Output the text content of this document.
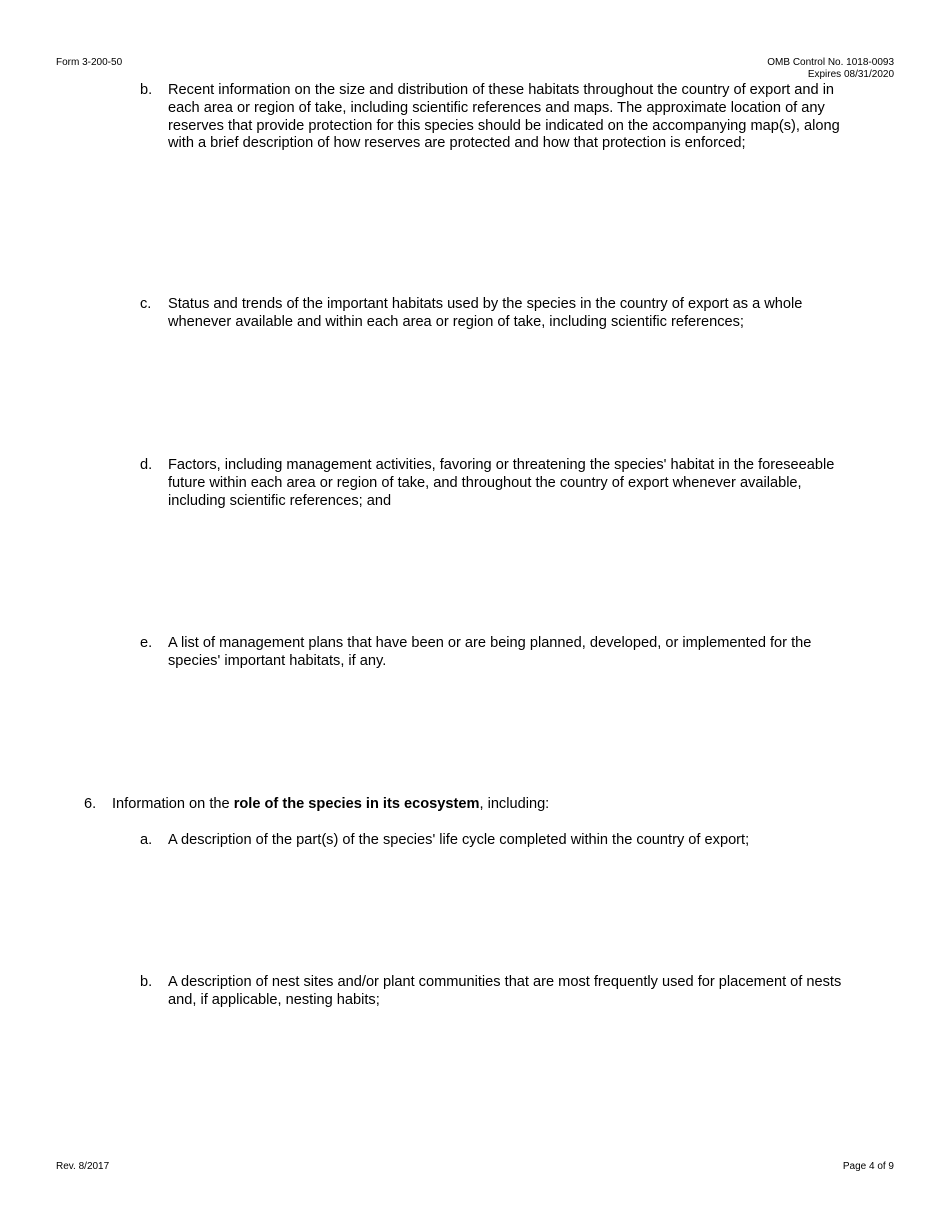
Form 3-200-50	OMB Control No. 1018-0093
Expires 08/31/2020
b. Recent information on the size and distribution of these habitats throughout the country of export and in each area or region of take, including scientific references and maps. The approximate location of any reserves that provide protection for this species should be indicated on the accompanying map(s), along with a brief description of how reserves are protected and how that protection is enforced;
c. Status and trends of the important habitats used by the species in the country of export as a whole whenever available and within each area or region of take, including scientific references;
d. Factors, including management activities, favoring or threatening the species' habitat in the foreseeable future within each area or region of take, and throughout the country of export whenever available, including scientific references; and
e. A list of management plans that have been or are being planned, developed, or implemented for the species' important habitats, if any.
6. Information on the role of the species in its ecosystem, including:
a. A description of the part(s) of the species' life cycle completed within the country of export;
b. A description of nest sites and/or plant communities that are most frequently used for placement of nests and, if applicable, nesting habits;
Rev. 8/2017	Page 4 of 9
